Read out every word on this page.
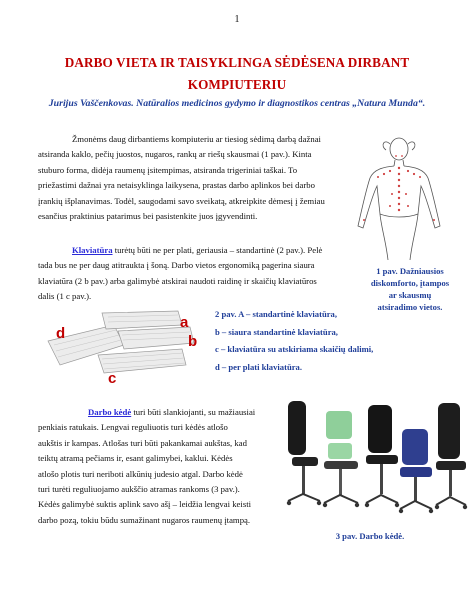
1
DARBO VIETA IR TAISYKLINGA SĖDĖSENA DIRBANT
KOMPIUTERIU
Jurijus Vaščenkovas. Natūralios medicinos gydymo ir diagnostikos centras „Natura Munda“.
Žmonėms daug dirbantiems kompiuteriu ar tiesiog sėdimą darbą dažnai
atsiranda kaklo, pečių juostos, nugaros, rankų ar riešų skausmai (1 pav.). Kinta
stuburo forma, didėja raumenų įsitempimas, atsiranda trigeriniai taškai. To
priežastimi dažnai yra netaisyklinga laikysena, prastas darbo aplinkos bei darbo
įrankių išplanavimas. Todėl, saugodami savo sveikatą, atkreipkite dėmesį į žemiau
esančius praktinius patarimus bei pasistenkite juos įgyvendinti.
Klaviatūra turėtų būti ne per plati, geriausia – standartinė (2 pav.). Pelė
tada bus ne per daug atitraukta į šoną. Darbo vietos ergonomiką pagerina siaura
klaviatūra (2 b pav.) arba galimybė atskirai naudoti raidinę ir skaičių klaviatūros
dalis (1 c pav.).
1 pav. Dažniausios
diskomforto, įtampos
ar skausmų
atsiradimo vietos.
a
b
c
d
2 pav. A – standartinė klaviatūra,
b – siaura standartinė klaviatūra,
c – klaviatūra su atskiriama skaičių dalimi,
d – per plati klaviatūra.
Darbo kėdė turi būti slankiojanti, su mažiausiai
penkiais ratukais. Lengvai reguliuotis turi kėdės atlošo
aukštis ir kampas. Atlošas turi būti pakankamai aukštas, kad
teiktų atramą pečiams ir, esant galimybei, kaklui. Kėdės
atlošo plotis turi neriboti alkūnių judesio atgal. Darbo kėdė
turi turėti reguliuojamo aukščio atramas rankoms (3 pav.).
Kėdės galimybė suktis aplink savo ašį – leidžia lengvai keisti
darbo pozą, tokiu būdu sumažinant nugaros raumenų įtampą.
3 pav. Darbo kėdė.
